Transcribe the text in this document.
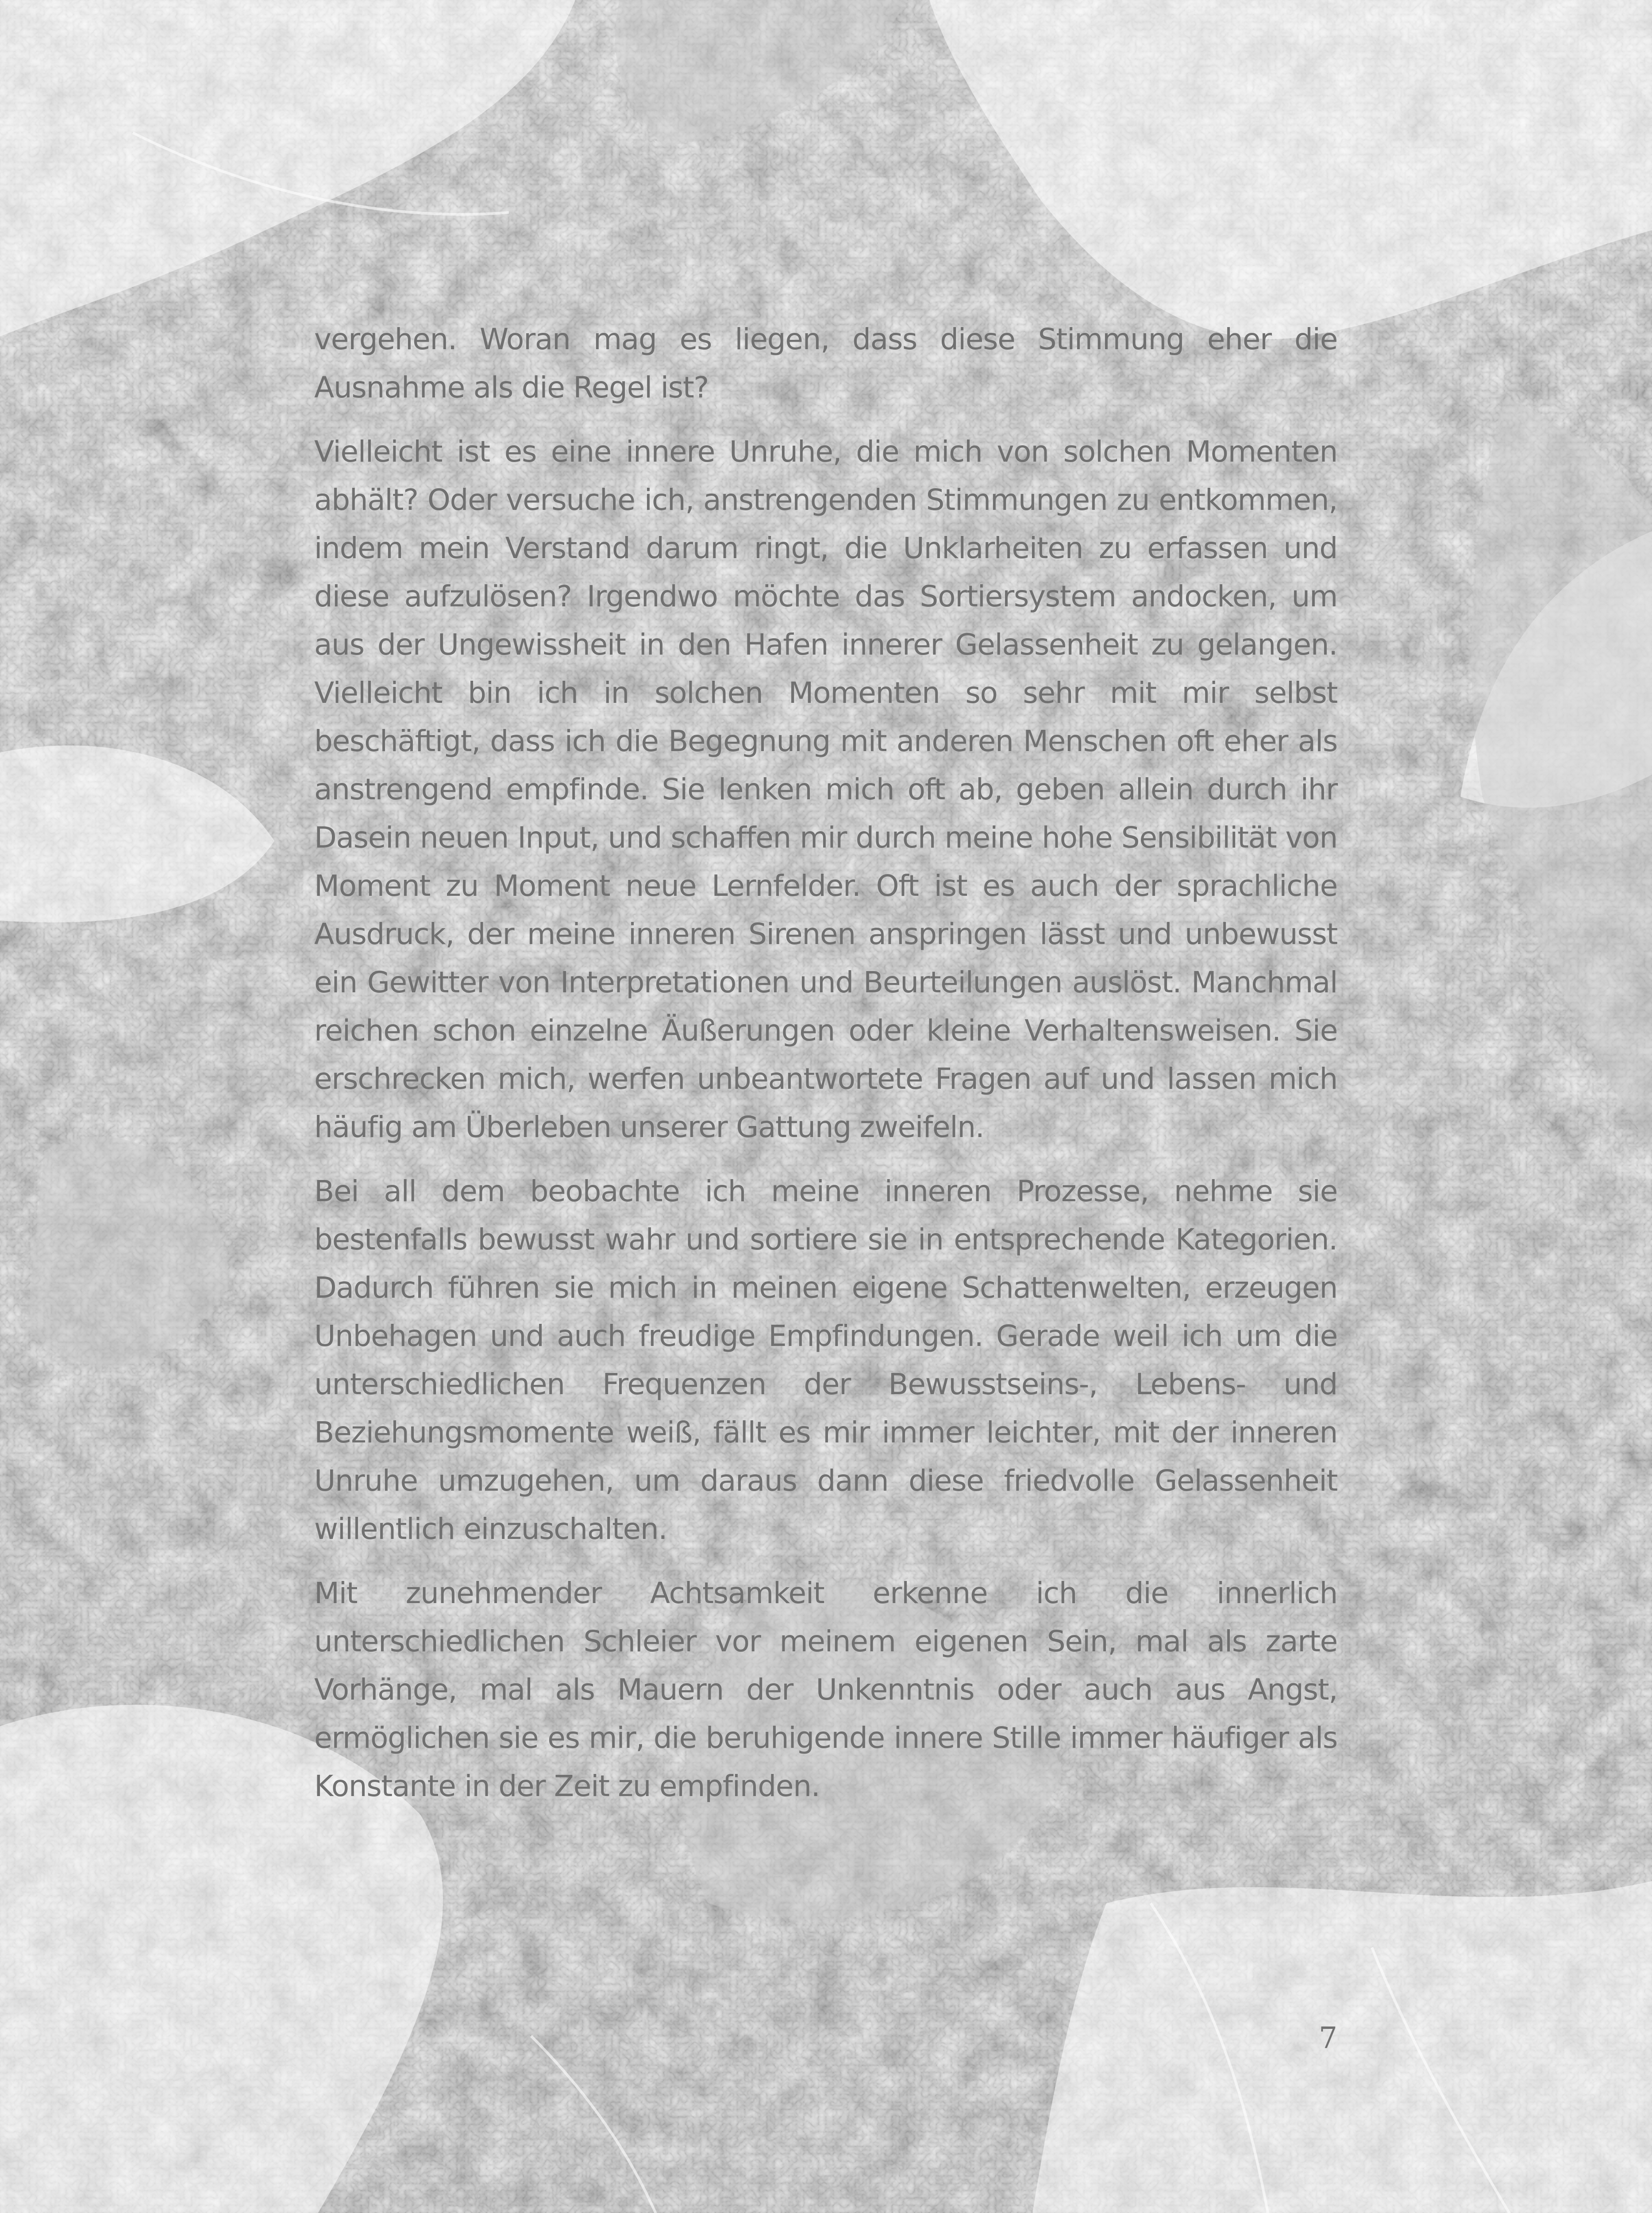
vergehen. Woran mag es liegen, dass diese Stimmung eher die Ausnahme als die Regel ist?

Vielleicht ist es eine innere Unruhe, die mich von solchen Momenten abhält? Oder versuche ich, anstrengenden Stimmungen zu entkommen, indem mein Verstand darum ringt, die Unklarheiten zu erfassen und diese aufzulösen? Irgendwo möchte das Sortiersystem andocken, um aus der Ungewissheit in den Hafen innerer Gelassenheit zu gelangen. Vielleicht bin ich in solchen Momenten so sehr mit mir selbst beschäftigt, dass ich die Begegnung mit anderen Menschen oft eher als anstrengend empfinde. Sie lenken mich oft ab, geben allein durch ihr Dasein neuen Input, und schaffen mir durch meine hohe Sensibilität von Moment zu Moment neue Lernfelder. Oft ist es auch der sprachliche Ausdruck, der meine inneren Sirenen anspringen lässt und unbewusst ein Gewitter von Interpretationen und Beurteilungen auslöst. Manchmal reichen schon einzelne Äußerungen oder kleine Verhaltensweisen. Sie erschrecken mich, werfen unbeantwortete Fragen auf und lassen mich häufig am Überleben unserer Gattung zweifeln.

Bei all dem beobachte ich meine inneren Prozesse, nehme sie bestenfalls bewusst wahr und sortiere sie in entsprechende Kategorien. Dadurch führen sie mich in meinen eigene Schattenwelten, erzeugen Unbehagen und auch freudige Empfindungen. Gerade weil ich um die unterschiedlichen Frequenzen der Bewusstseins-, Lebens- und Beziehungsmomente weiß, fällt es mir immer leichter, mit der inneren Unruhe umzugehen, um daraus dann diese friedvolle Gelassenheit willentlich einzuschalten.

Mit zunehmender Achtsamkeit erkenne ich die innerlich unterschiedlichen Schleier vor meinem eigenen Sein, mal als zarte Vorhänge, mal als Mauern der Unkenntnis oder auch aus Angst, ermöglichen sie es mir, die beruhigende innere Stille immer häufiger als Konstante in der Zeit zu empfinden.

7
